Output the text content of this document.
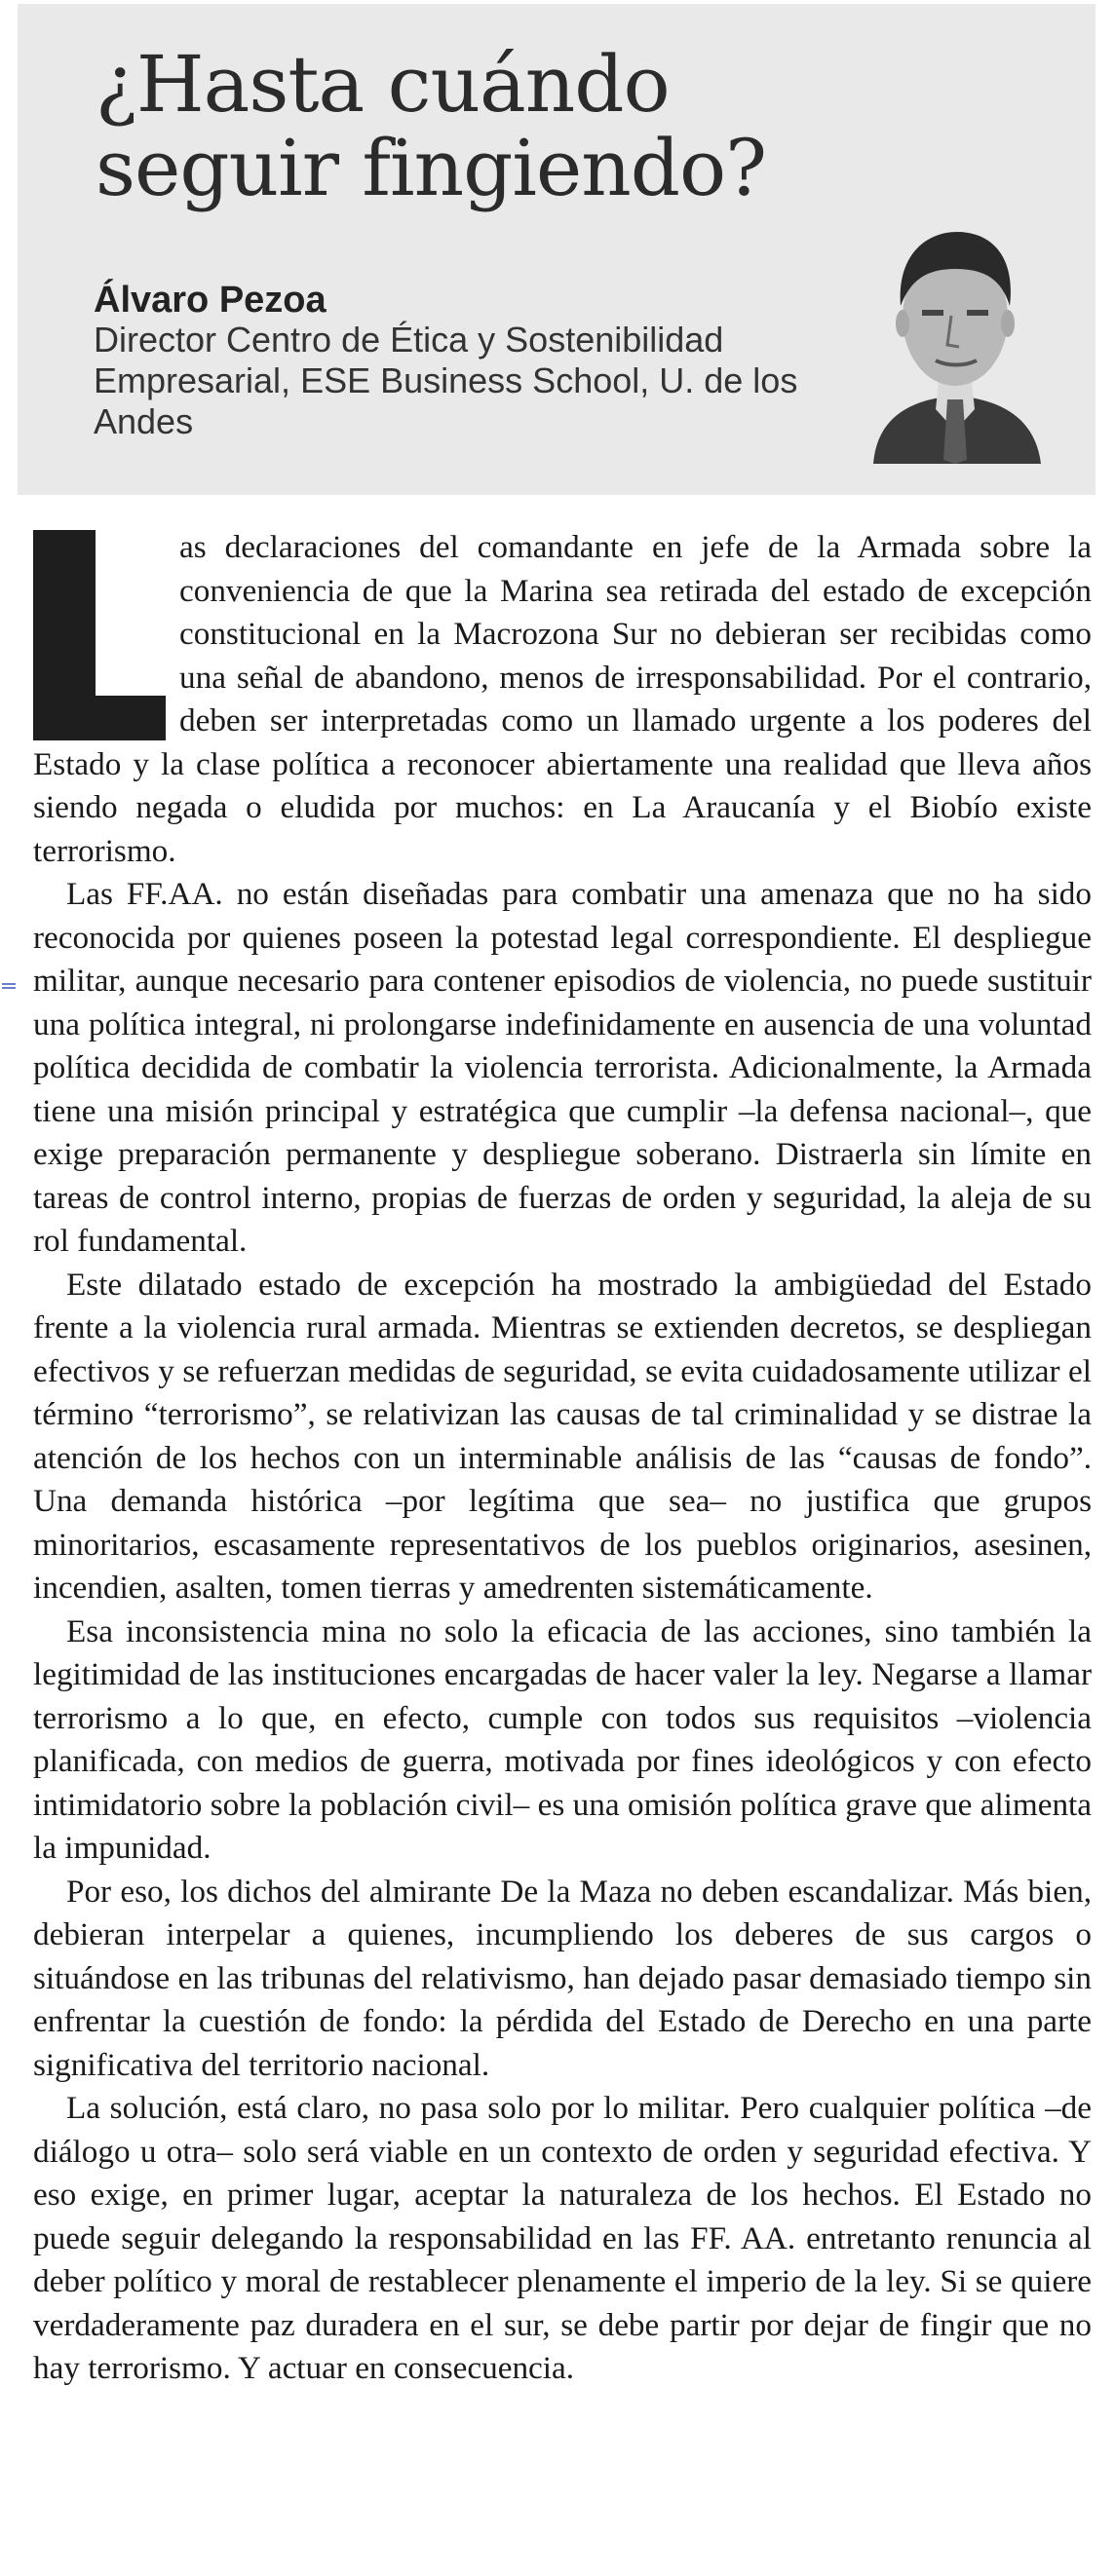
¿Hasta cuándo seguir fingiendo?

Álvaro Pezoa

Director Centro de Ética y Sostenibilidad Empresarial, ESE Business School, U. de los Andes

as declaraciones del comandante en jefe de la Armada sobre la conveniencia de que la Marina sea retirada del estado de excepción constitucional en la Macrozona Sur no debieran ser recibidas como una señal de abandono, menos de irresponsabilidad. Por el contrario, deben ser interpretadas como un llamado urgente a los poderes del Estado y la clase política a reconocer abiertamente una realidad que lleva años siendo negada o eludida por muchos: en La Araucanía y el Biobío existe terrorismo.

Las FF.AA. no están diseñadas para combatir una amenaza que no ha sido reconocida por quienes poseen la potestad legal correspondiente. El despliegue militar, aunque necesario para contener episodios de violencia, no puede sustituir una política integral, ni prolongarse indefinidamente en ausencia de una voluntad política decidida de combatir la violencia terrorista. Adicionalmente, la Armada tiene una misión principal y estratégica que cumplir –la defensa nacional–, que exige preparación permanente y despliegue soberano. Distraerla sin límite en tareas de control interno, propias de fuerzas de orden y seguridad, la aleja de su rol fundamental.

Este dilatado estado de excepción ha mostrado la ambigüedad del Estado frente a la violencia rural armada. Mientras se extienden decretos, se despliegan efectivos y se refuerzan medidas de seguridad, se evita cuidadosamente utilizar el término “terrorismo”, se relativizan las causas de tal criminalidad y se distrae la atención de los hechos con un interminable análisis de las “causas de fondo”. Una demanda histórica –por legítima que sea– no justifica que grupos minoritarios, escasamente representativos de los pueblos originarios, asesinen, incendien, asalten, tomen tierras y amedrenten sistemáticamente.

Esa inconsistencia mina no solo la eficacia de las acciones, sino también la legitimidad de las instituciones encargadas de hacer valer la ley. Negarse a llamar terrorismo a lo que, en efecto, cumple con todos sus requisitos –violencia planificada, con medios de guerra, motivada por fines ideológicos y con efecto intimidatorio sobre la población civil– es una omisión política grave que alimenta la impunidad.

Por eso, los dichos del almirante De la Maza no deben escandalizar. Más bien, debieran interpelar a quienes, incumpliendo los deberes de sus cargos o situándose en las tribunas del relativismo, han dejado pasar demasiado tiempo sin enfrentar la cuestión de fondo: la pérdida del Estado de Derecho en una parte significativa del territorio nacional.

La solución, está claro, no pasa solo por lo militar. Pero cualquier política –de diálogo u otra– solo será viable en un contexto de orden y seguridad efectiva. Y eso exige, en primer lugar, aceptar la naturaleza de los hechos. El Estado no puede seguir delegando la responsabilidad en las FF. AA. entretanto renuncia al deber político y moral de restablecer plenamente el imperio de la ley. Si se quiere verdaderamente paz duradera en el sur, se debe partir por dejar de fingir que no hay terrorismo. Y actuar en consecuencia.
